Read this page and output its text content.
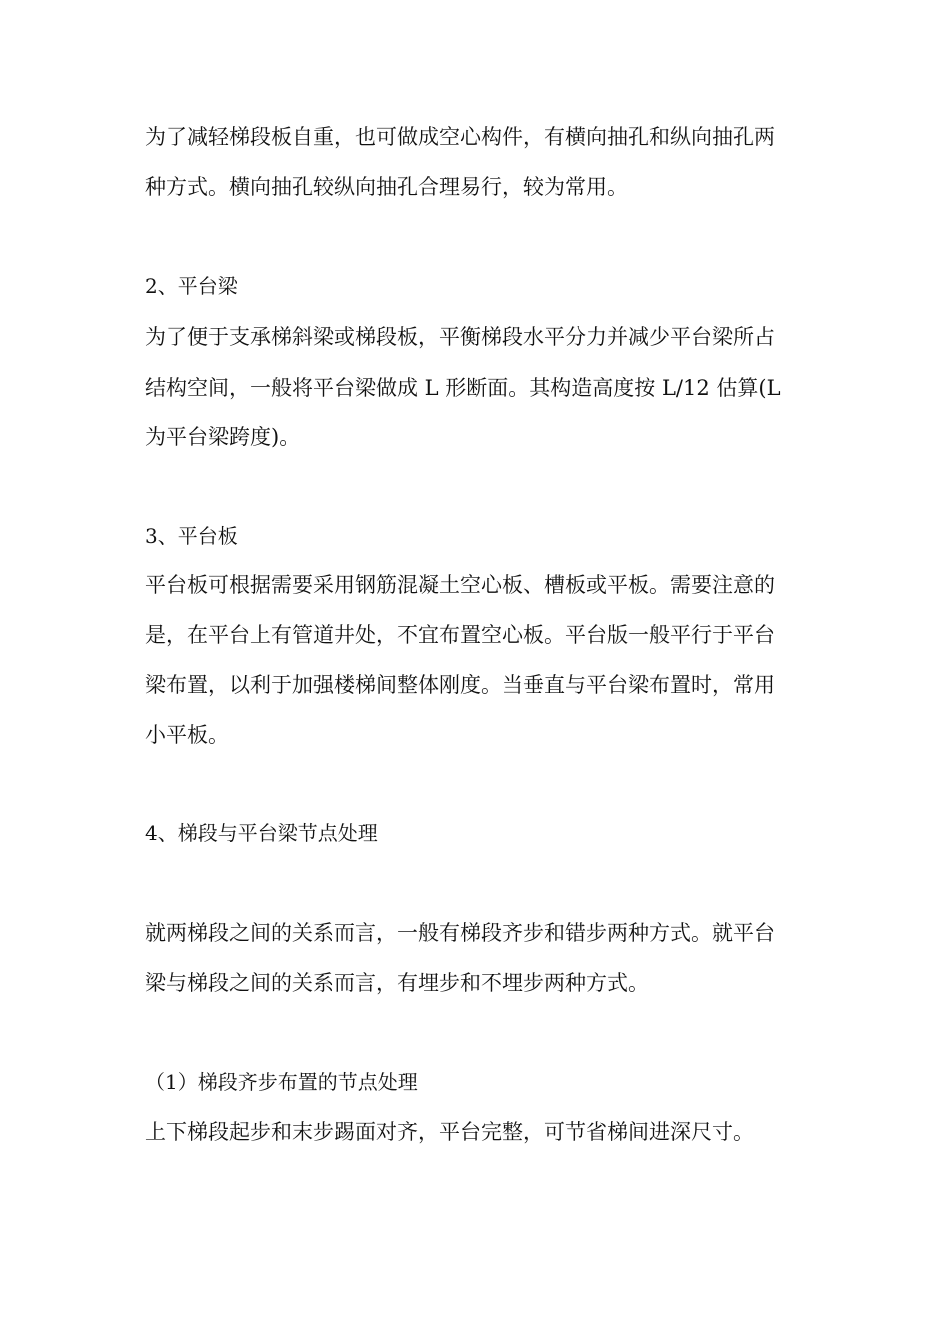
为了减轻梯段板自重，也可做成空心构件，有横向抽孔和纵向抽孔两

种方式。横向抽孔较纵向抽孔合理易行，较为常用。

2、平台梁

为了便于支承梯斜梁或梯段板，平衡梯段水平分力并减少平台梁所占

结构空间，一般将平台梁做成 L 形断面。其构造高度按 L/12 估算(L

为平台梁跨度)。

3、平台板

平台板可根据需要采用钢筋混凝土空心板、槽板或平板。需要注意的

是，在平台上有管道井处，不宜布置空心板。平台版一般平行于平台

梁布置，以利于加强楼梯间整体刚度。当垂直与平台梁布置时，常用

小平板。

4、梯段与平台梁节点处理

就两梯段之间的关系而言，一般有梯段齐步和错步两种方式。就平台

梁与梯段之间的关系而言，有埋步和不埋步两种方式。

（1）梯段齐步布置的节点处理

上下梯段起步和末步踢面对齐，平台完整，可节省梯间进深尺寸。
